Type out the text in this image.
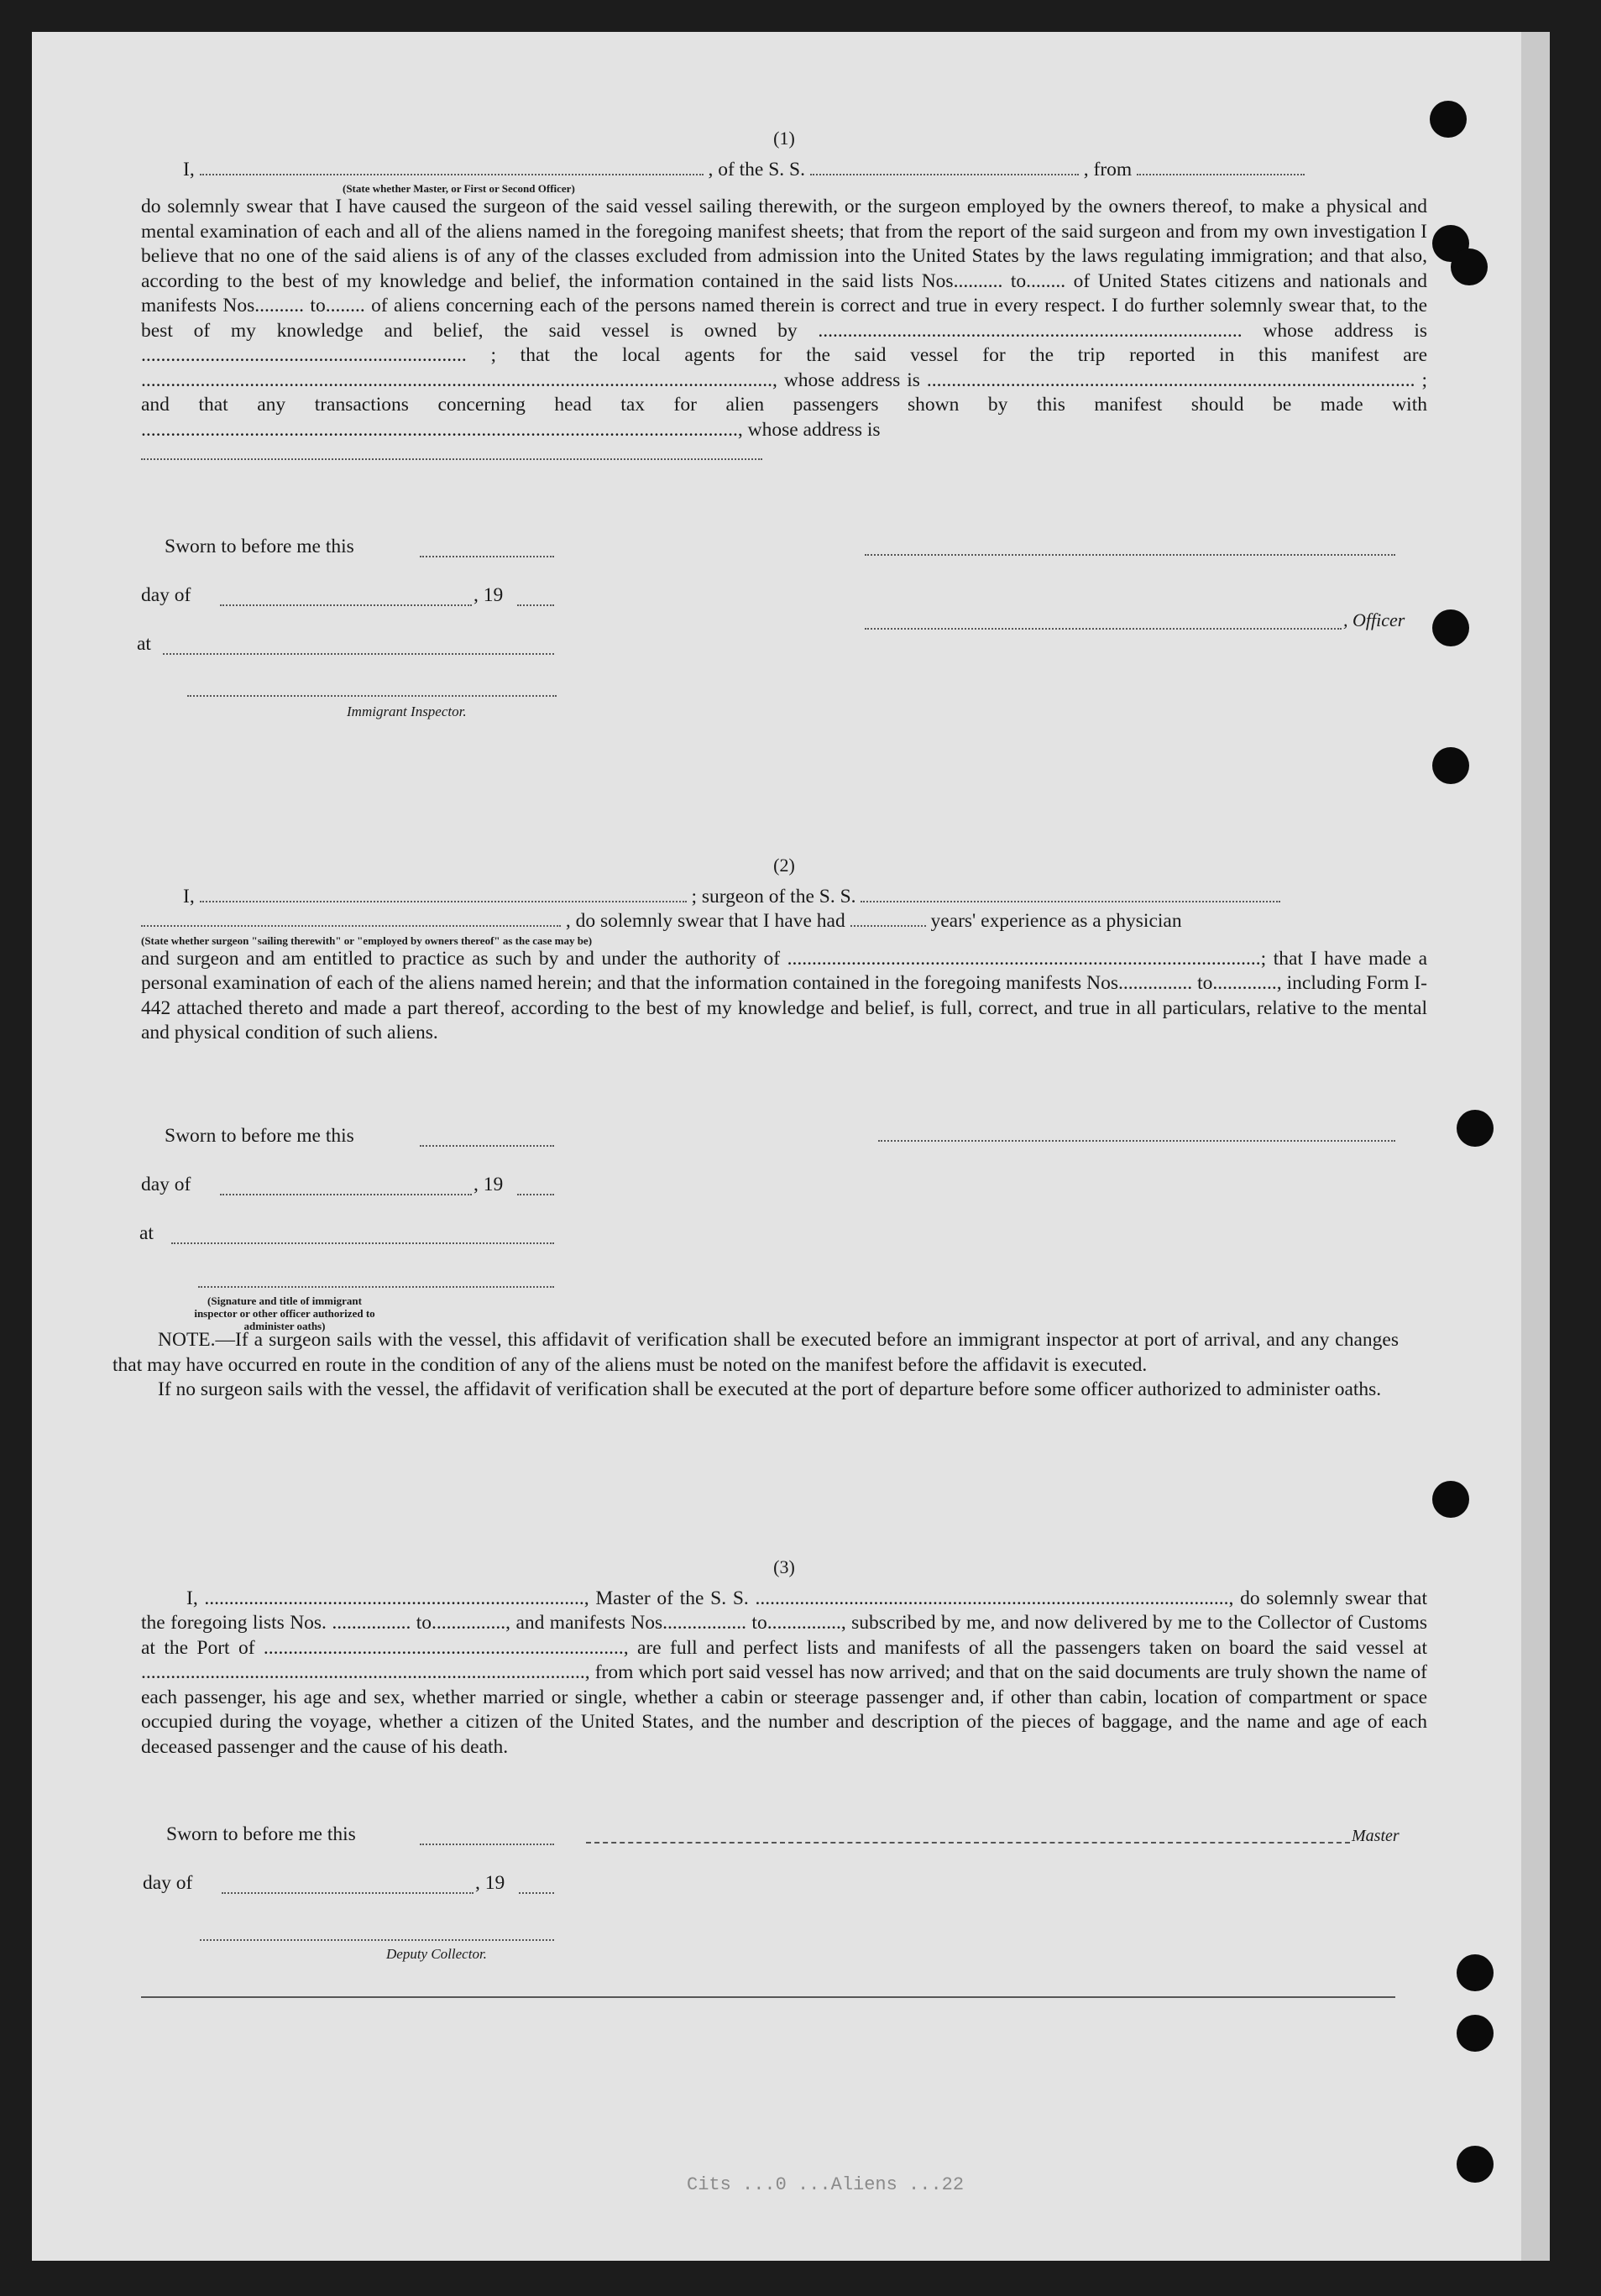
(1)
I,	, of the S. S.	, from
(State whether Master, or First or Second Officer)

do solemnly swear that I have caused the surgeon of the said vessel sailing therewith, or the surgeon employed by the owners thereof, to make a physical and mental examination of each and all of the aliens named in the foregoing manifest sheets; that from the report of the said surgeon and from my own investigation I believe that no one of the said aliens is of any of the classes excluded from admission into the United States by the laws regulating immigration; and that also, according to the best of my knowledge and belief, the information contained in the said lists Nos.......... to........ of United States citizens and nationals and manifests Nos.......... to........ of aliens concerning each of the persons named therein is correct and true in every respect. I do further solemnly swear that, to the best of my knowledge and belief, the said vessel is owned by ...................................................................................... whose address is .................................................................. ; that the local agents for the said vessel for the trip reported in this manifest are ................................................................................................................................, whose address is ................................................................................................... ; and that any transactions concerning head tax for alien passengers shown by this manifest should be made with ........................................................................................................................., whose address is

Sworn to before me this
day of	, 19
at
Immigrant Inspector.
, Officer
(2)
I,	; surgeon of the S. S.
, do solemnly swear that I have had	years' experience as a physician
(State whether surgeon "sailing therewith" or "employed by owners thereof" as the case may be)

and surgeon and am entitled to practice as such by and under the authority of ................................................................................................; that I have made a personal examination of each of the aliens named herein; and that the information contained in the foregoing manifests Nos............... to............., including Form I-442 attached thereto and made a part thereof, according to the best of my knowledge and belief, is full, correct, and true in all particulars, relative to the mental and physical condition of such aliens.

Sworn to before me this
day of	, 19
at
(Signature and title of immigrant inspector or other officer authorized to administer oaths)

NOTE.—If a surgeon sails with the vessel, this affidavit of verification shall be executed before an immigrant inspector at port of arrival, and any changes that may have occurred en route in the condition of any of the aliens must be noted on the manifest before the affidavit is executed.

If no surgeon sails with the vessel, the affidavit of verification shall be executed at the port of departure before some officer authorized to administer oaths.

(3)

I, ............................................................................., Master of the S. S. ................................................................................................, do solemnly swear that the foregoing lists Nos. ................ to..............., and manifests Nos................. to..............., subscribed by me, and now delivered by me to the Collector of Customs at the Port of ........................................................................., are full and perfect lists and manifests of all the passengers taken on board the said vessel at .........................................................................................., from which port said vessel has now arrived; and that on the said documents are truly shown the name of each passenger, his age and sex, whether married or single, whether a cabin or steerage passenger and, if other than cabin, location of compartment or space occupied during the voyage, whether a citizen of the United States, and the number and description of the pieces of baggage, and the name and age of each deceased passenger and the cause of his death.

Sworn to before me this
day of	, 19
Deputy Collector.
Master
Cits ...0 ...Aliens ...22
